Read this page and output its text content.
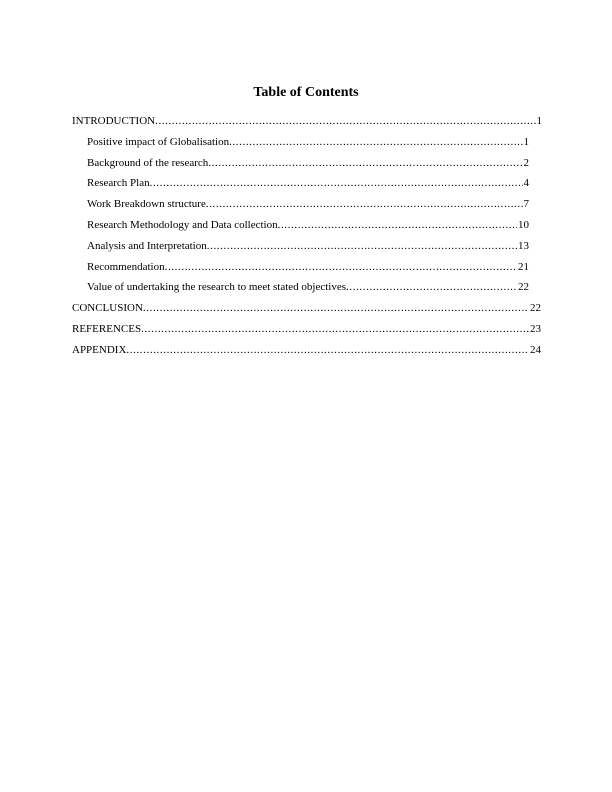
Table of Contents
INTRODUCTION .....	1
Positive impact of Globalisation .....	1
Background of the research .....	2
Research Plan .....	4
Work Breakdown structure .....	7
Research Methodology and Data collection .....	10
Analysis and Interpretation .....	13
Recommendation .....	21
Value of undertaking the research to meet stated objectives .....	22
CONCLUSION .....	22
REFERENCES .....	23
APPENDIX .....	24
